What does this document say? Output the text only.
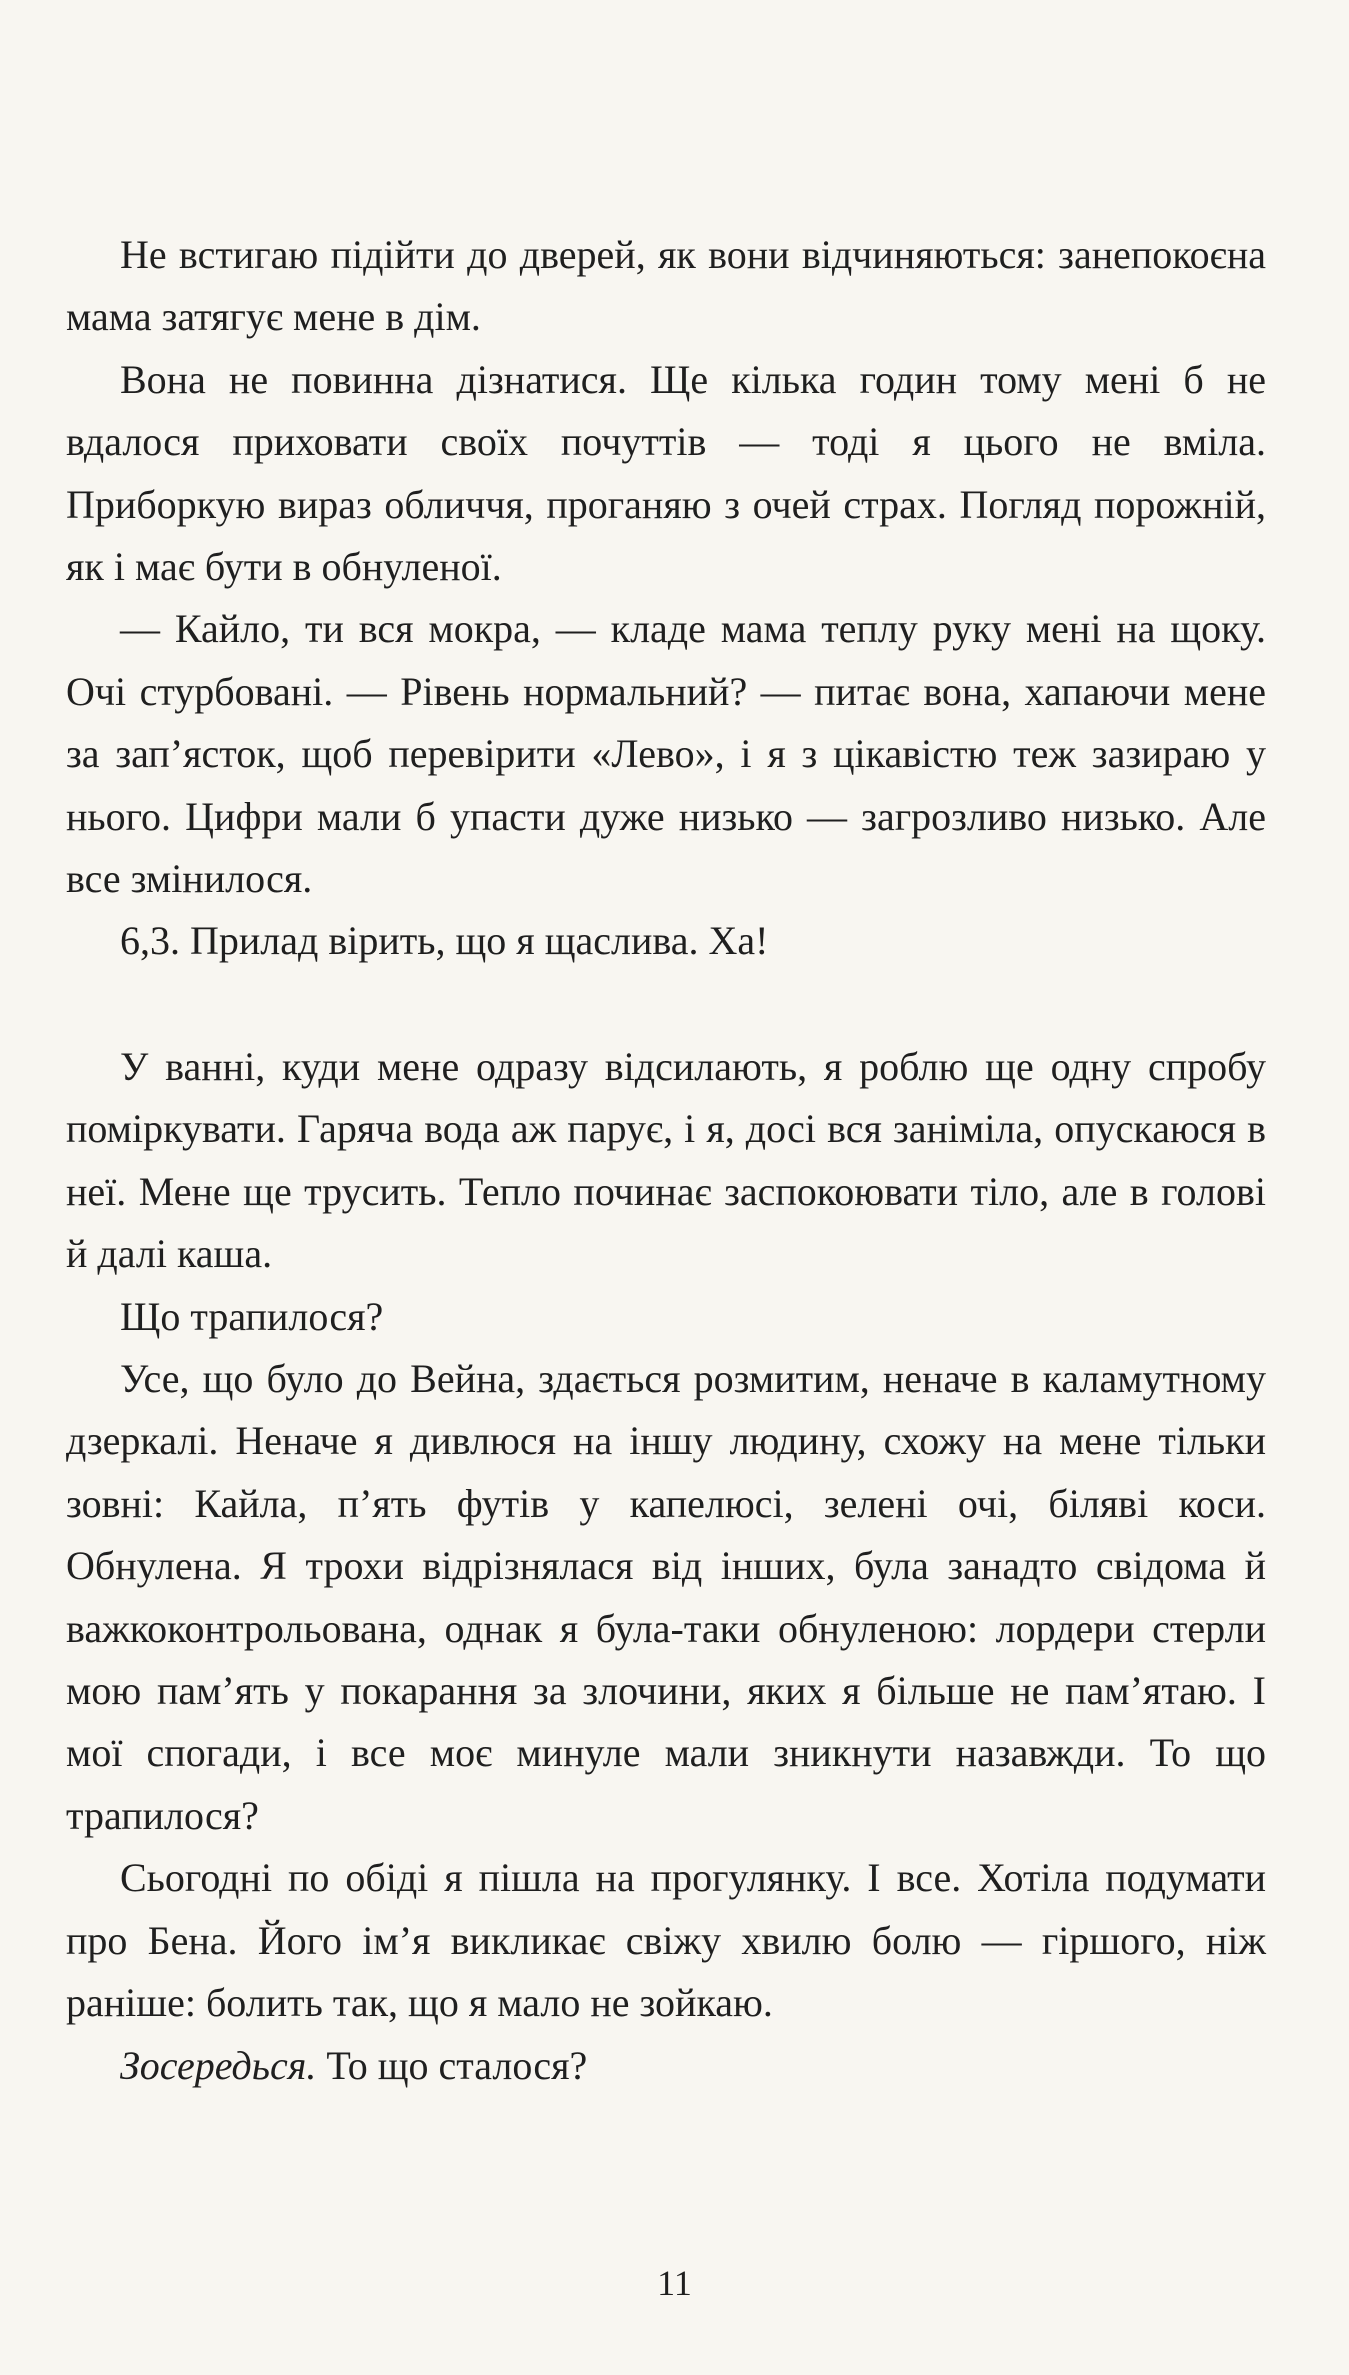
Не встигаю підійти до дверей, як вони відчиняються: занепокоєна мама затягує мене в дім.

Вона не повинна дізнатися. Ще кілька годин тому мені б не вдалося приховати своїх почуттів — тоді я цього не вміла. Приборкую вираз обличчя, проганяю з очей страх. Погляд порожній, як і має бути в обнуленої.

— Кайло, ти вся мокра, — кладе мама теплу руку мені на щоку. Очі стурбовані. — Рівень нормальний? — питає вона, хапаючи мене за зап’ясток, щоб перевірити «Лево», і я з цікавістю теж зазираю у нього. Цифри мали б упасти дуже низько — загрозливо низько. Але все змінилося.

6,3. Прилад вірить, що я щаслива. Ха!

У ванні, куди мене одразу відсилають, я роблю ще одну спробу поміркувати. Гаряча вода аж парує, і я, досі вся заніміла, опускаюся в неї. Мене ще трусить. Тепло починає заспокоювати тіло, але в голові й далі каша.

Що трапилося?

Усе, що було до Вейна, здається розмитим, неначе в каламутному дзеркалі. Неначе я дивлюся на іншу людину, схожу на мене тільки зовні: Кайла, п’ять футів у капелюсі, зелені очі, біляві коси. Обнулена. Я трохи відрізнялася від інших, була занадто свідома й важкоконтрольована, однак я була-таки обнуленою: лордери стерли мою пам’ять у покарання за злочини, яких я більше не пам’ятаю. І мої спогади, і все моє минуле мали зникнути назавжди. То що трапилося?

Сьогодні по обіді я пішла на прогулянку. І все. Хотіла подумати про Бена. Його ім’я викликає свіжу хвилю болю — гіршого, ніж раніше: болить так, що я мало не зойкаю.

Зосередься. То що сталося?

11
